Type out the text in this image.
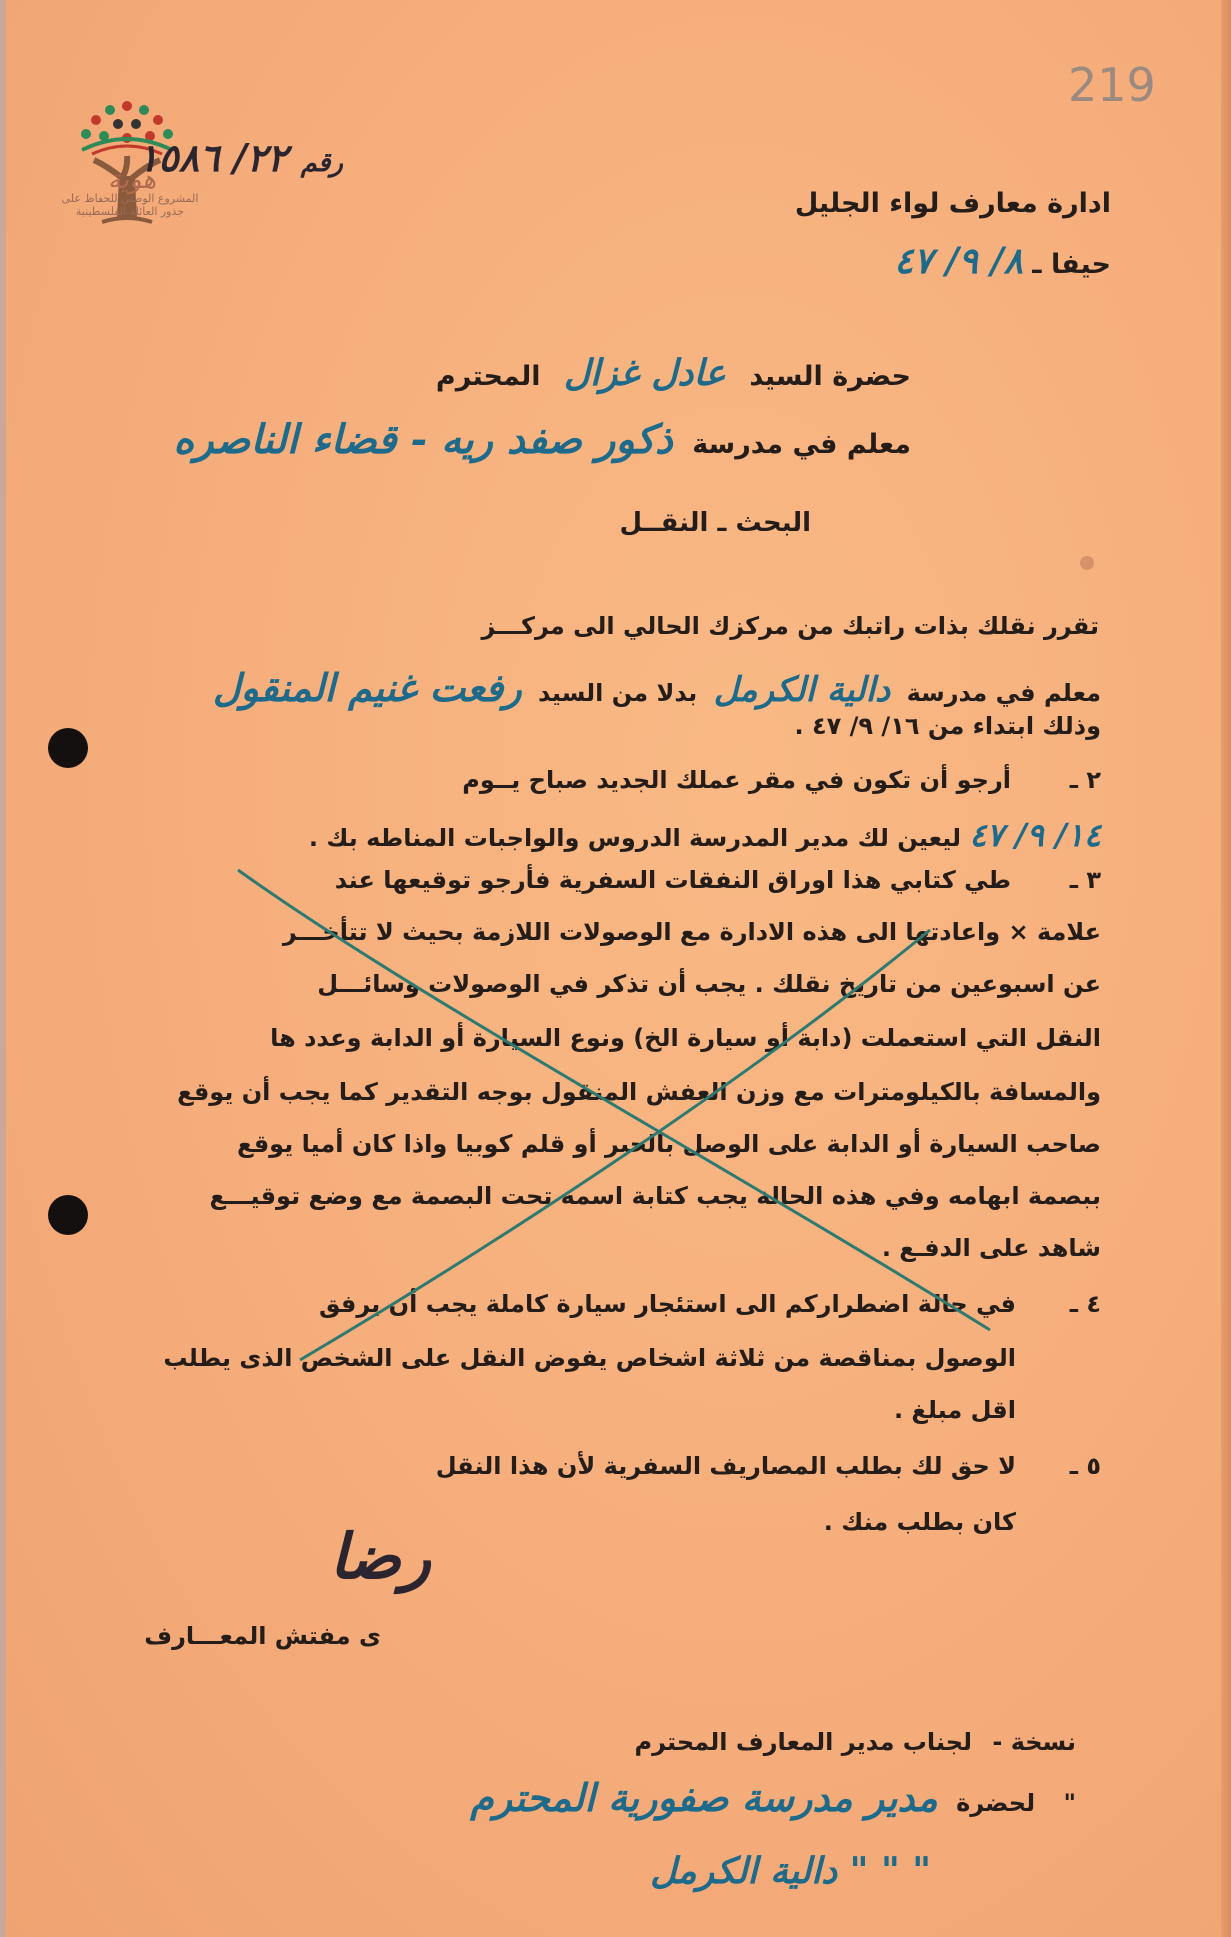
هوية
المشروع الوطني للحفاظ على
جذور العائلة الفلسطينية
219
رقم ٢٢/ ١٥٨٦
ادارة معارف لواء الجليل
حيفا ـ ٨/ ٩/ ٤٧
حضرة السيد عادل غزال المحترم
معلم في مدرسة ذكور صفد ريه - قضاء الناصره
البحث ـ النقــل
تقرر نقلك بذات راتبك من مركزك الحالي الى مركـــز
معلم في مدرسة دالية الكرمل بدلا من السيد رفعت غنيم المنقول
وذلك ابتداء من ١٦/ ٩/ ٤٧ .
٢ ـ
أرجو أن تكون في مقر عملك الجديد صباح يــوم
١٤/ ٩/ ٤٧ ليعين لك مدير المدرسة الدروس والواجبات المناطه بك .
٣ ـ
طي كتابي هذا اوراق النفقات السفرية فأرجو توقيعها عند
علامة × واعادتها الى هذه الادارة مع الوصولات اللازمة بحيث لا تتأخـــر
عن اسبوعين من تاريخ نقلك . يجب أن تذكر في الوصولات وسائـــل
النقل التي استعملت (دابة أو سيارة الخ) ونوع السيارة أو الدابة وعدد ها
والمسافة بالكيلومترات مع وزن العفش المنقول بوجه التقدير كما يجب أن يوقع
صاحب السيارة أو الدابة على الوصل بالحبر أو قلم كوبيا واذا كان أميا يوقع
ببصمة ابهامه وفي هذه الحالة يجب كتابة اسمه تحت البصمة مع وضع توقيـــع
شاهد على الدفـع .
٤ ـ
في حالة اضطراركم الى استئجار سيارة كاملة يجب أن يرفق
الوصول بمناقصة من ثلاثة اشخاص يفوض النقل على الشخص الذى يطلب
اقل مبلغ .
٥ ـ
لا حق لك بطلب المصاريف السفرية لأن هذا النقل
كان بطلب منك .
رضا
ى مفتش المعـــارف
نسخة - لجناب مدير المعارف المحترم
" لحضرة مدير مدرسة صفورية المحترم
" " " دالية الكرمل
